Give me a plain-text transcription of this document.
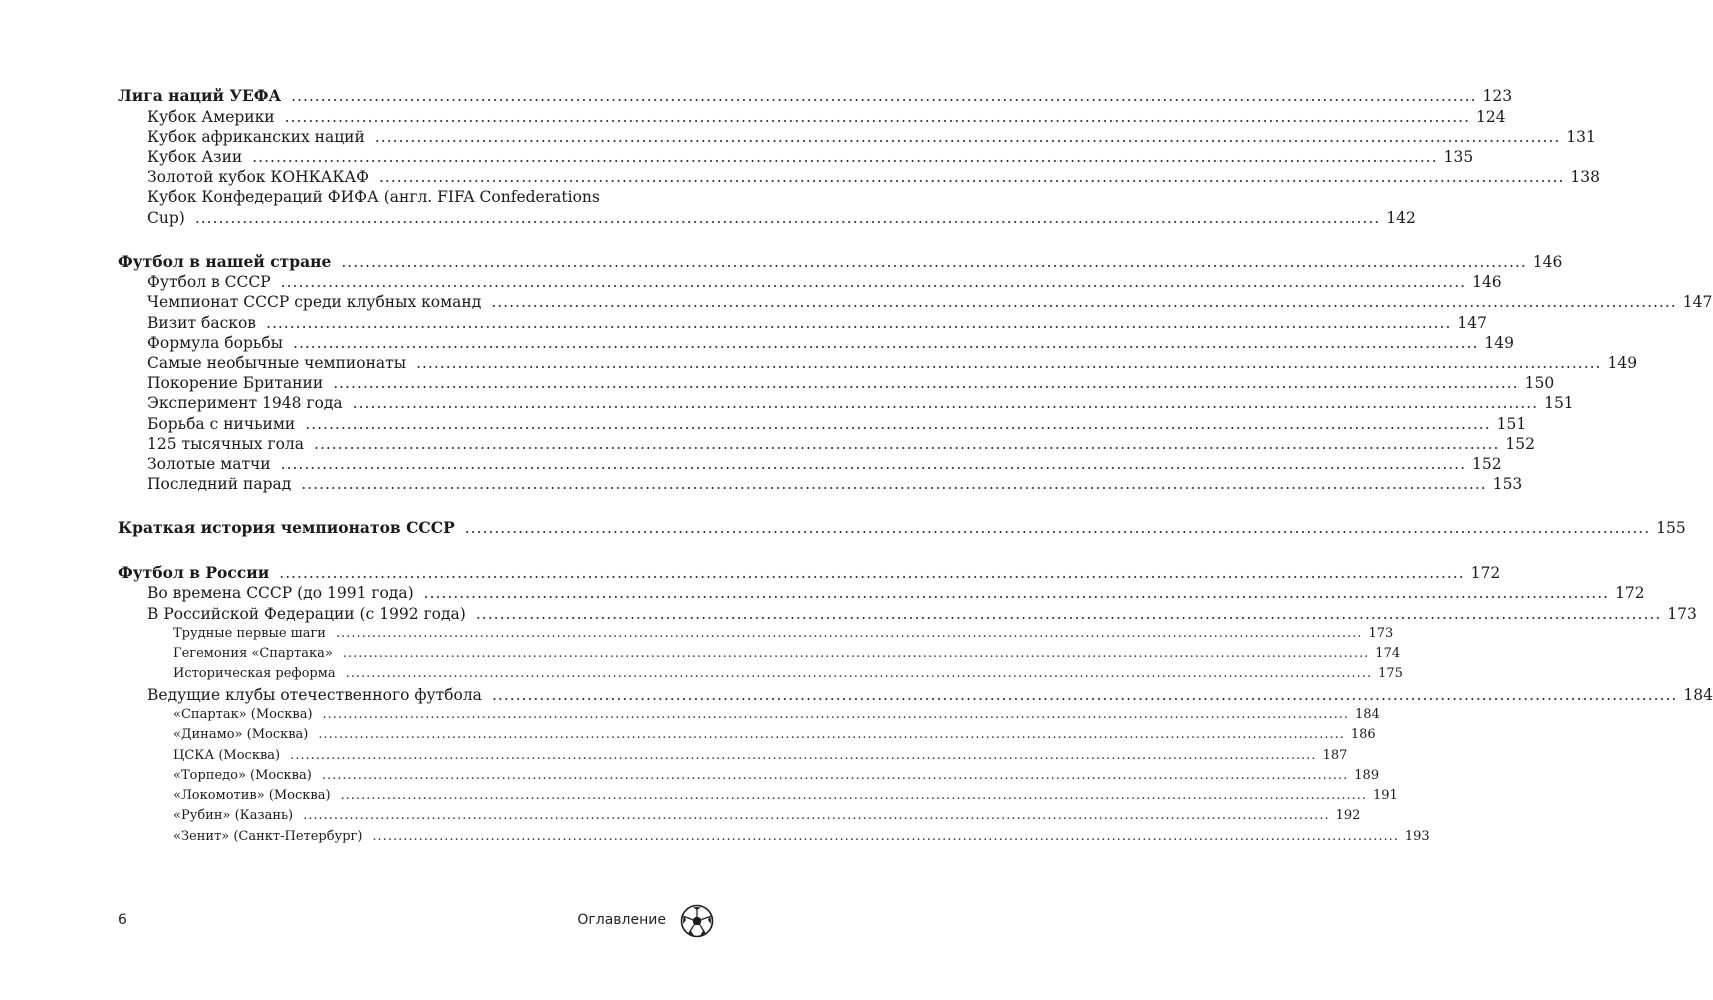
Лига наций УЕФА ........................................................................................................................................................................................................ 123
Кубок Америки ........................................................................................................................................................................................................ 124
Кубок африканских наций ........................................................................................................................................................................................................ 131
Кубок Азии ........................................................................................................................................................................................................ 135
Золотой кубок КОНКАКАФ ........................................................................................................................................................................................................ 138
Кубок Конфедераций ФИФА (англ. FIFA Confederations
Cup) ........................................................................................................................................................................................................ 142
Футбол в нашей стране ........................................................................................................................................................................................................ 146
Футбол в СССР ........................................................................................................................................................................................................ 146
Чемпионат СССР среди клубных команд ........................................................................................................................................................................................................ 147
Визит басков ........................................................................................................................................................................................................ 147
Формула борьбы ........................................................................................................................................................................................................ 149
Самые необычные чемпионаты ........................................................................................................................................................................................................ 149
Покорение Британии ........................................................................................................................................................................................................ 150
Эксперимент 1948 года ........................................................................................................................................................................................................ 151
Борьба с ничьими ........................................................................................................................................................................................................ 151
125 тысячных гола ........................................................................................................................................................................................................ 152
Золотые матчи ........................................................................................................................................................................................................ 152
Последний парад ........................................................................................................................................................................................................ 153
Краткая история чемпионатов СССР ........................................................................................................................................................................................................ 155
Футбол в России ........................................................................................................................................................................................................ 172
Во времена СССР (до 1991 года) ........................................................................................................................................................................................................ 172
В Российской Федерации (с 1992 года) ........................................................................................................................................................................................................ 173
Трудные первые шаги ........................................................................................................................................................................................................ 173
Гегемония «Спартака» ........................................................................................................................................................................................................ 174
Историческая реформа ........................................................................................................................................................................................................ 175
Ведущие клубы отечественного футбола ........................................................................................................................................................................................................ 184
«Спартак» (Москва) ........................................................................................................................................................................................................ 184
«Динамо» (Москва) ........................................................................................................................................................................................................ 186
ЦСКА (Москва) ........................................................................................................................................................................................................ 187
«Торпедо» (Москва) ........................................................................................................................................................................................................ 189
«Локомотив» (Москва) ........................................................................................................................................................................................................ 191
«Рубин» (Казань) ........................................................................................................................................................................................................ 192
«Зенит» (Санкт-Петербург) ........................................................................................................................................................................................................ 193
6	Оглавление
